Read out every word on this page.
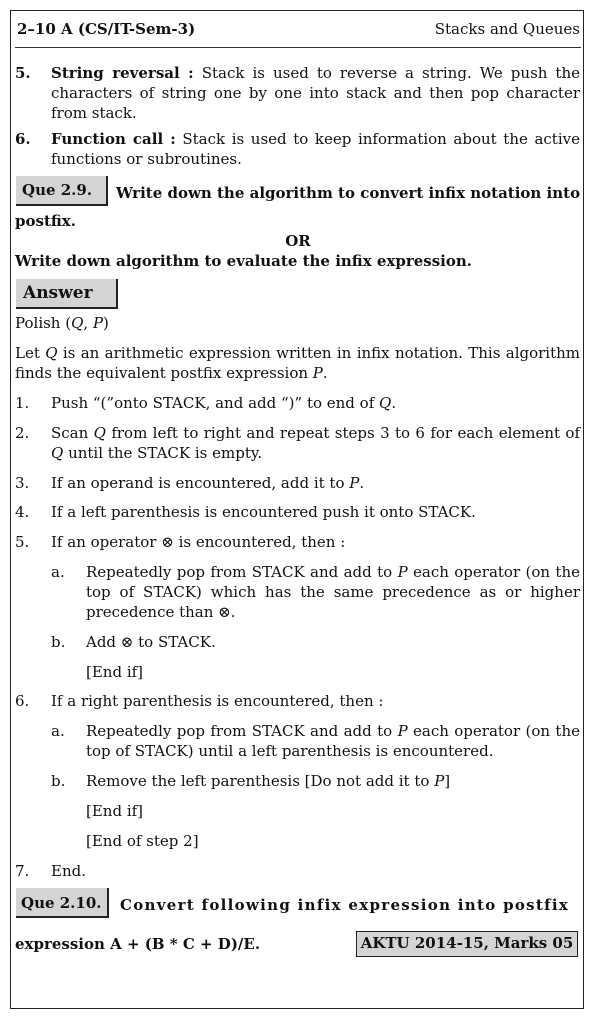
2–10 A (CS/IT-Sem-3)	Stacks and Queues
5. String reversal : Stack is used to reverse a string. We push the characters of string one by one into stack and then pop character from stack.
6. Function call : Stack is used to keep information about the active functions or subroutines.
Que 2.9.	Write down the algorithm to convert infix notation into
postfix.
OR
Write down algorithm to evaluate the infix expression.
Answer
Polish (Q, P)
Let Q is an arithmetic expression written in infix notation. This algorithm finds the equivalent postfix expression P.
1. Push “(”onto STACK, and add “)” to end of Q.
2. Scan Q from left to right and repeat steps 3 to 6 for each element of Q until the STACK is empty.
3. If an operand is encountered, add it to P.
4. If a left parenthesis is encountered push it onto STACK.
5. If an operator ⊗ is encountered, then :
a. Repeatedly pop from STACK and add to P each operator (on the top of STACK) which has the same precedence as or higher precedence than ⊗.
b. Add ⊗ to STACK.
[End if]
6. If a right parenthesis is encountered, then :
a. Repeatedly pop from STACK and add to P each operator (on the top of STACK) until a left parenthesis is encountered.
b. Remove the left parenthesis [Do not add it to P]
[End if]
[End of step 2]
7. End.
Que 2.10.	Convert following infix expression into postfix
expression A + (B * C + D)/E.	AKTU 2014-15, Marks 05
